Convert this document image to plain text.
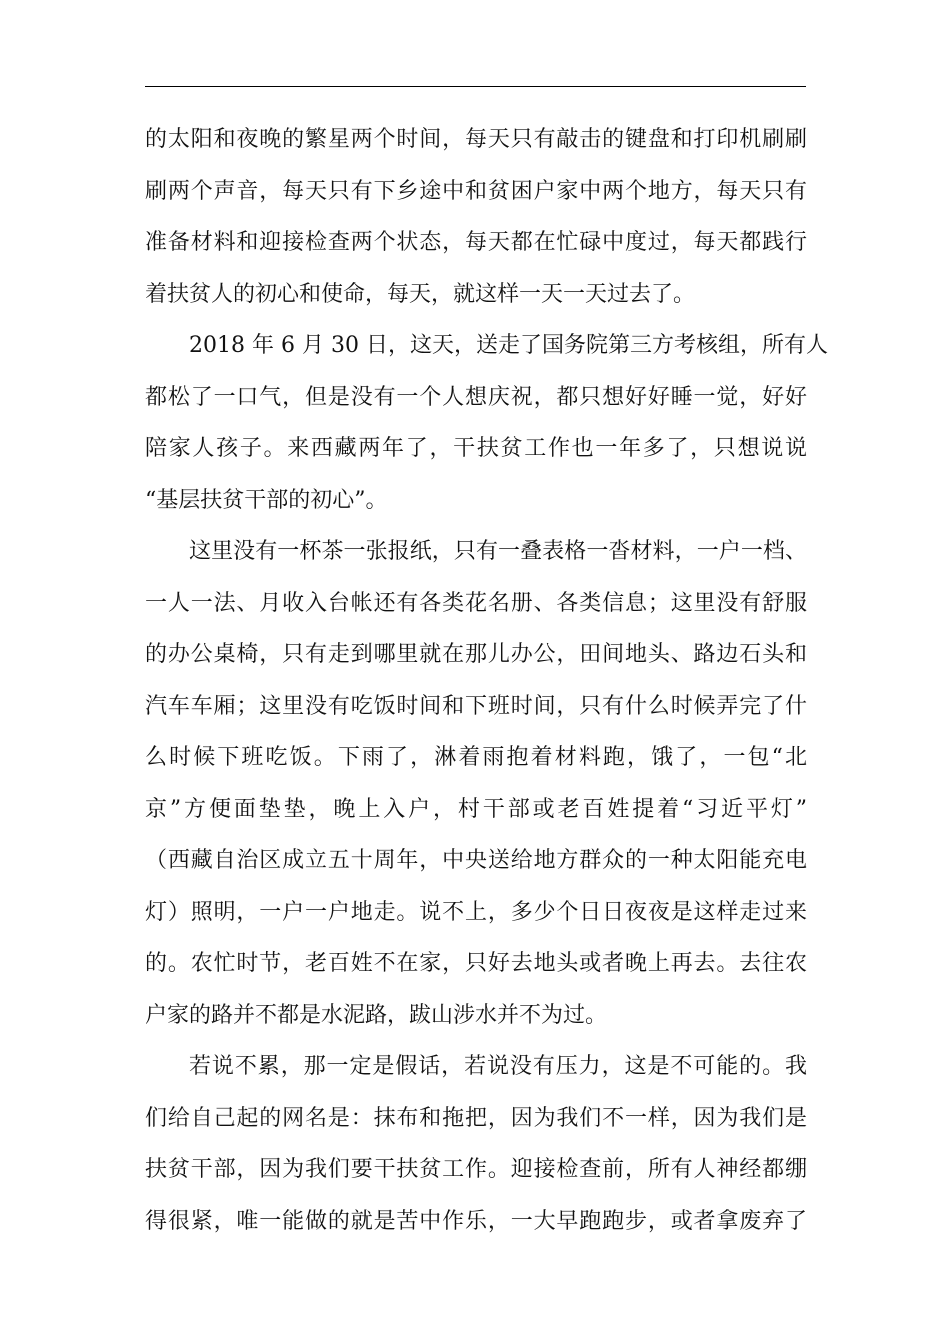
的太阳和夜晚的繁星两个时间，每天只有敲击的键盘和打印机刷刷
刷两个声音，每天只有下乡途中和贫困户家中两个地方，每天只有
准备材料和迎接检查两个状态，每天都在忙碌中度过，每天都践行
着扶贫人的初心和使命，每天，就这样一天一天过去了。
2018 年 6 月 30 日，这天，送走了国务院第三方考核组，所有人
都松了一口气，但是没有一个人想庆祝，都只想好好睡一觉，好好
陪家人孩子。来西藏两年了，干扶贫工作也一年多了，只想说说
“基层扶贫干部的初心”。
这里没有一杯茶一张报纸，只有一叠表格一沓材料，一户一档、
一人一法、月收入台帐还有各类花名册、各类信息；这里没有舒服
的办公桌椅，只有走到哪里就在那儿办公，田间地头、路边石头和
汽车车厢；这里没有吃饭时间和下班时间，只有什么时候弄完了什
么时候下班吃饭。下雨了，淋着雨抱着材料跑，饿了，一包“北
京”方便面垫垫，晚上入户，村干部或老百姓提着“习近平灯”
（西藏自治区成立五十周年，中央送给地方群众的一种太阳能充电
灯）照明，一户一户地走。说不上，多少个日日夜夜是这样走过来
的。农忙时节，老百姓不在家，只好去地头或者晚上再去。去往农
户家的路并不都是水泥路，跋山涉水并不为过。
若说不累，那一定是假话，若说没有压力，这是不可能的。我
们给自己起的网名是：抹布和拖把，因为我们不一样，因为我们是
扶贫干部，因为我们要干扶贫工作。迎接检查前，所有人神经都绷
得很紧，唯一能做的就是苦中作乐，一大早跑跑步，或者拿废弃了
